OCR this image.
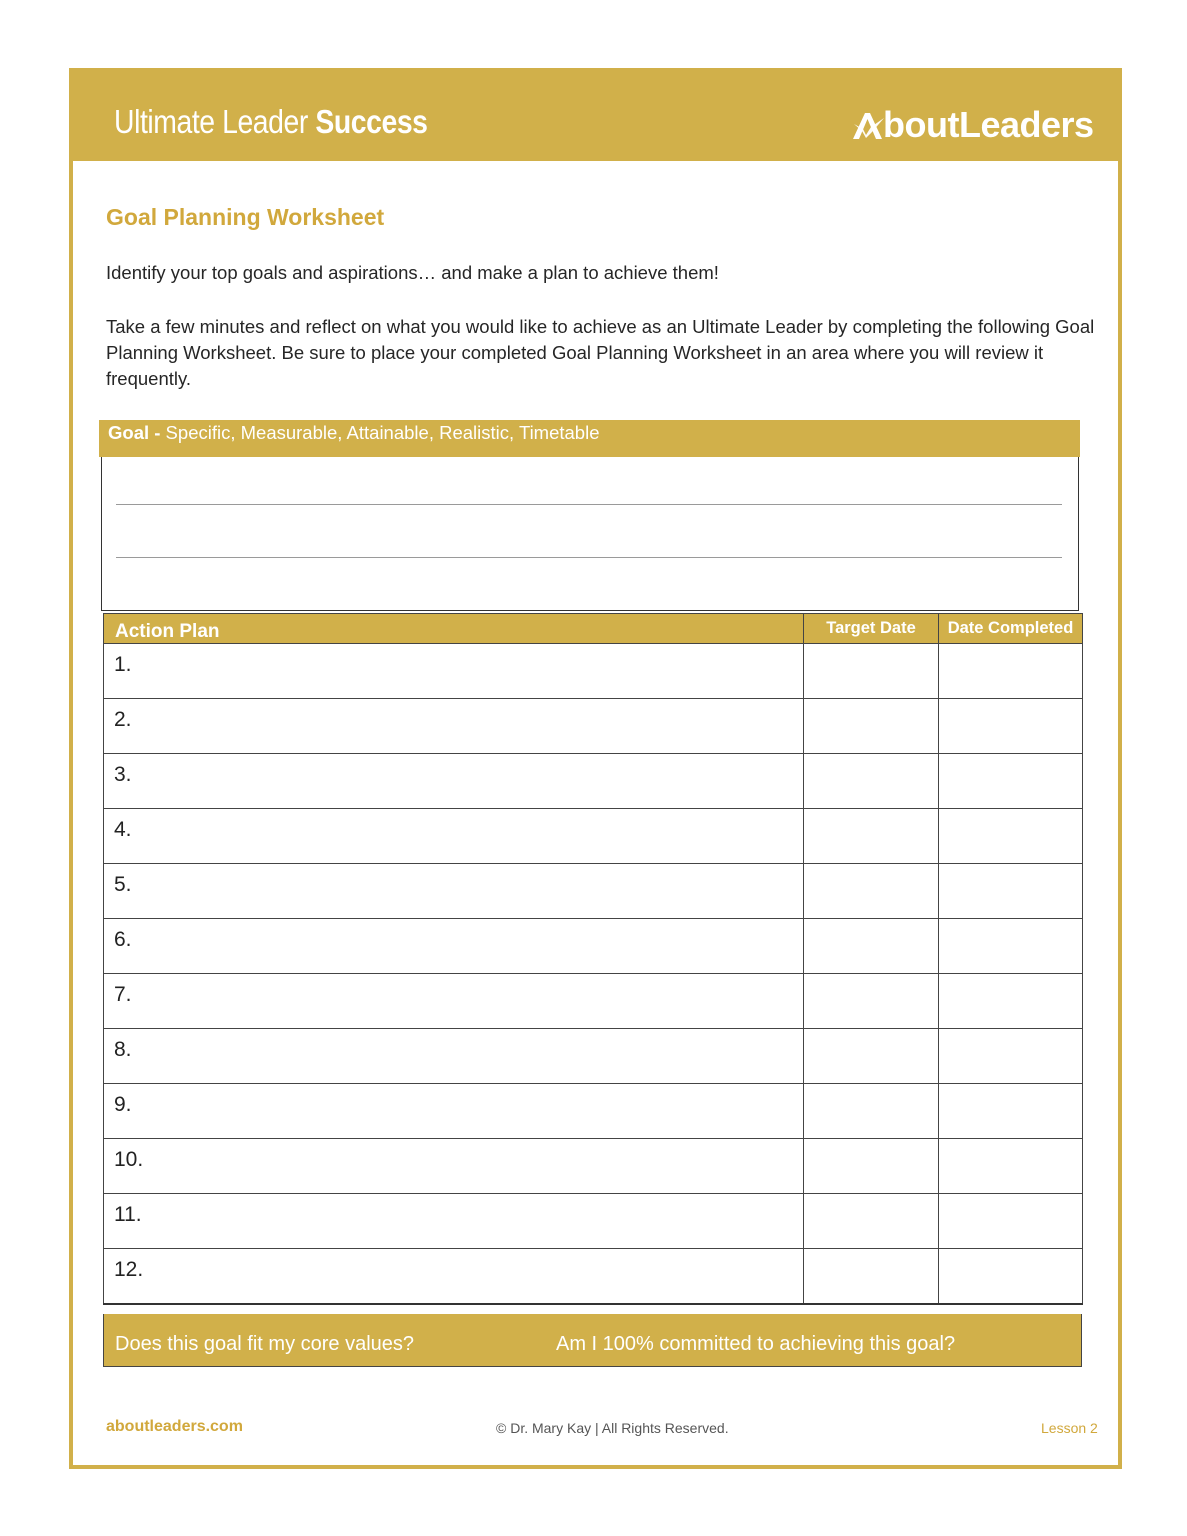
Ultimate Leader Success	boutLeaders
Goal Planning Worksheet
Identify your top goals and aspirations… and make a plan to achieve them!
Take a few minutes and reflect on what you would like to achieve as an Ultimate Leader by completing the following Goal Planning Worksheet. Be sure to place your completed Goal Planning Worksheet in an area where you will review it frequently.
Goal - Specific, Measurable, Attainable, Realistic, Timetable
Action Plan	Target Date	Date Completed
1.		
2.		
3.		
4.		
5.		
6.		
7.		
8.		
9.		
10.		
11.		
12.		
Does this goal fit my core values?	Am I 100% committed to achieving this goal?
aboutleaders.com	© Dr. Mary Kay | All Rights Reserved.	Lesson 2
